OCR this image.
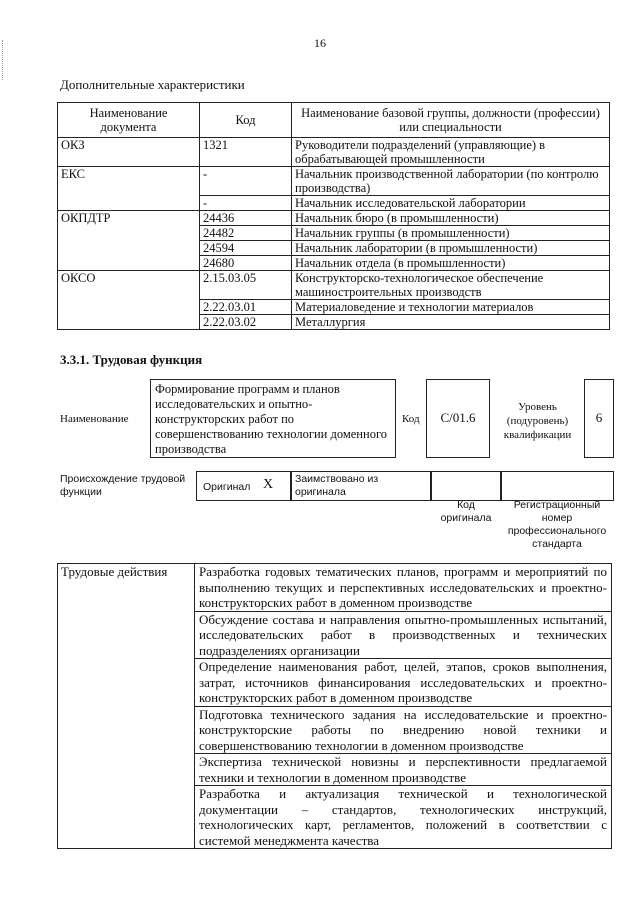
16
Дополнительные характеристики
Наименование документа	Код	Наименование базовой группы, должности (профессии) или специальности
ОКЗ	1321	Руководители подразделений (управляющие) в обрабатывающей промышленности
ЕКС	-	Начальник производственной лаборатории (по контролю производства)
	-	Начальник исследовательской лаборатории
ОКПДТР	24436	Начальник бюро (в промышленности)
	24482	Начальник группы (в промышленности)
	24594	Начальник лаборатории (в промышленности)
	24680	Начальник отдела (в промышленности)
ОКСО	2.15.03.05	Конструкторско-технологическое обеспечение машиностроительных производств
	2.22.03.01	Материаловедение и технологии материалов
	2.22.03.02	Металлургия
3.3.1. Трудовая функция
Наименование
Формирование программ и планов исследовательских и опытно-конструкторских работ по совершенствованию технологии доменного производства
Код	С/01.6
Уровень (подуровень) квалификации
6
Происхождение трудовой функции	Оригинал X Заимствовано из оригинала
Код оригинала
Регистрационный номер профессионального стандарта
Трудовые действия	Разработка годовых тематических планов, программ и мероприятий по выполнению текущих и перспективных исследовательских и проектно-конструкторских работ в доменном производстве
Обсуждение состава и направления опытно-промышленных испытаний, исследовательских работ в производственных и технических подразделениях организации
Определение наименования работ, целей, этапов, сроков выполнения, затрат, источников финансирования исследовательских и проектно-конструкторских работ в доменном производстве
Подготовка технического задания на исследовательские и проектно-конструкторские работы по внедрению новой техники и совершенствованию технологии в доменном производстве
Экспертиза технической новизны и перспективности предлагаемой техники и технологии в доменном производстве
Разработка и актуализация технической и технологической документации – стандартов, технологических инструкций, технологических карт, регламентов, положений в соответствии с системой менеджмента качества
